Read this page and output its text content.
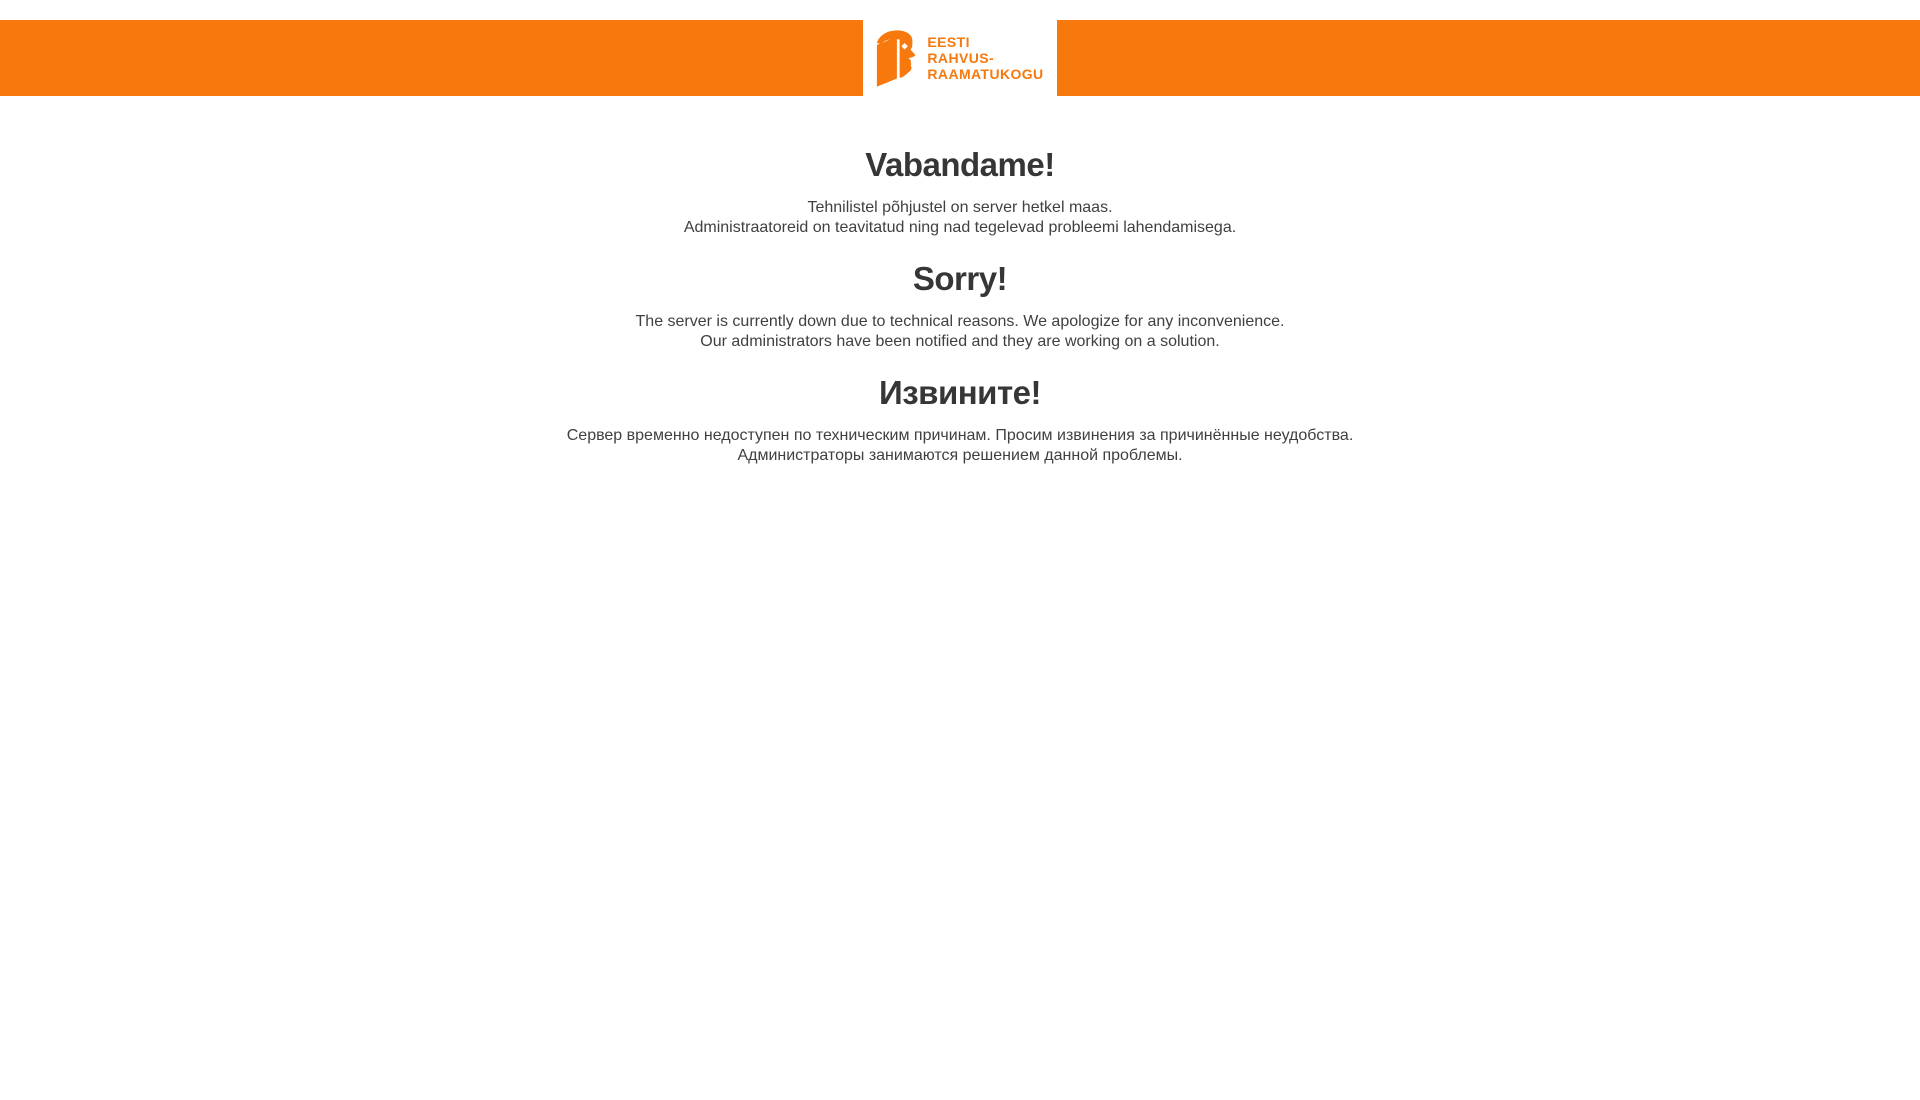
EESTI
RAHVUS-
RAAMATUKOGU
Vabandame!

Tehnilistel põhjustel on server hetkel maas.
Administraatoreid on teavitatud ning nad tegelevad probleemi lahendamisega.

Sorry!

The server is currently down due to technical reasons. We apologize for any inconvenience.
Our administrators have been notified and they are working on a solution.

Извините!

Сервер временно недоступен по техническим причинам. Просим извинения за причинённые неудобства.
Администраторы занимаются решением данной проблемы.
